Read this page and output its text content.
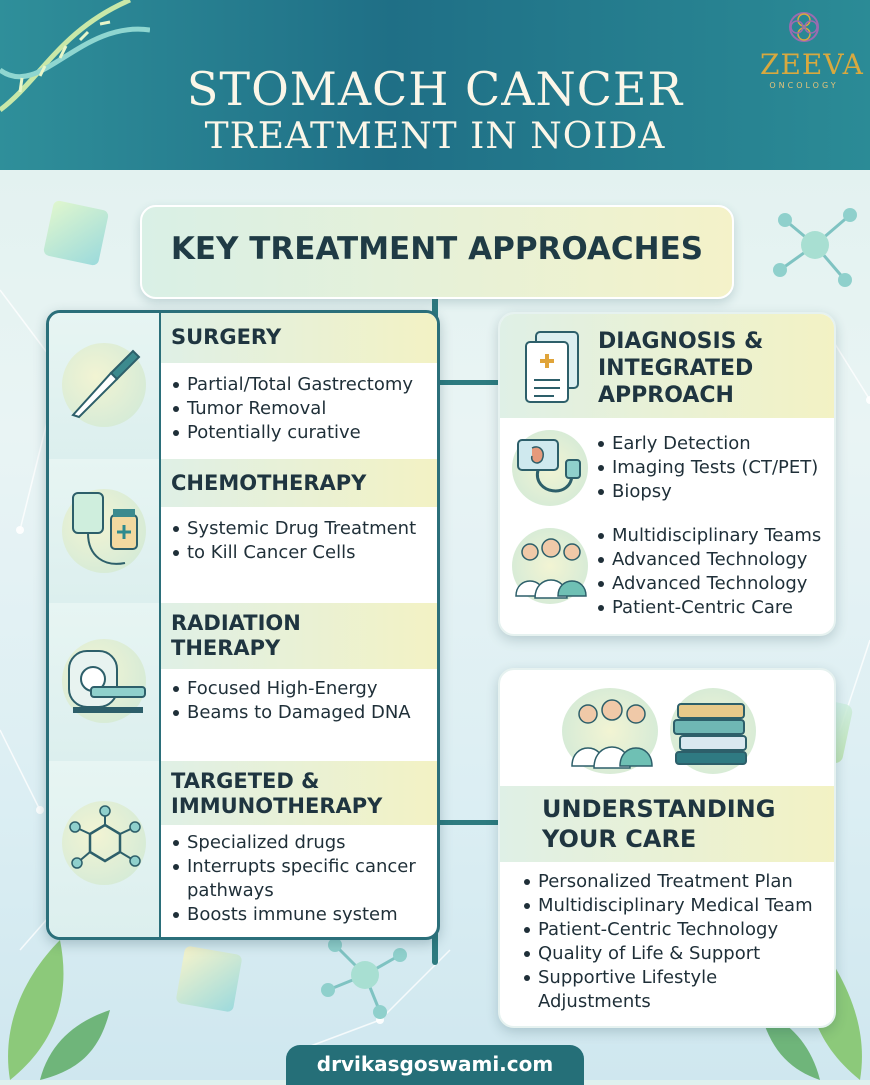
STOMACH CANCER
TREATMENT IN NOIDA
ZEEVA
ONCOLOGY
KEY TREATMENT APPROACHES
SURGERY
Partial/Total Gastrectomy
Tumor Removal
Potentially curative
CHEMOTHERAPY
Systemic Drug Treatment
to Kill Cancer Cells
RADIATION
THERAPY
Focused High-Energy
Beams to Damaged DNA
TARGETED &
IMMUNOTHERAPY
Specialized drugs
Interrupts specific cancer
pathways
Boosts immune system
DIAGNOSIS &
INTEGRATED
APPROACH
Early Detection
Imaging Tests (CT/PET)
Biopsy
Multidisciplinary Teams
Advanced Technology
Advanced Technology
Patient-Centric Care
UNDERSTANDING
YOUR CARE
Personalized Treatment Plan
Multidisciplinary Medical Team
Patient-Centric Technology
Quality of Life & Support
Supportive Lifestyle
Adjustments
drvikasgoswami.com
